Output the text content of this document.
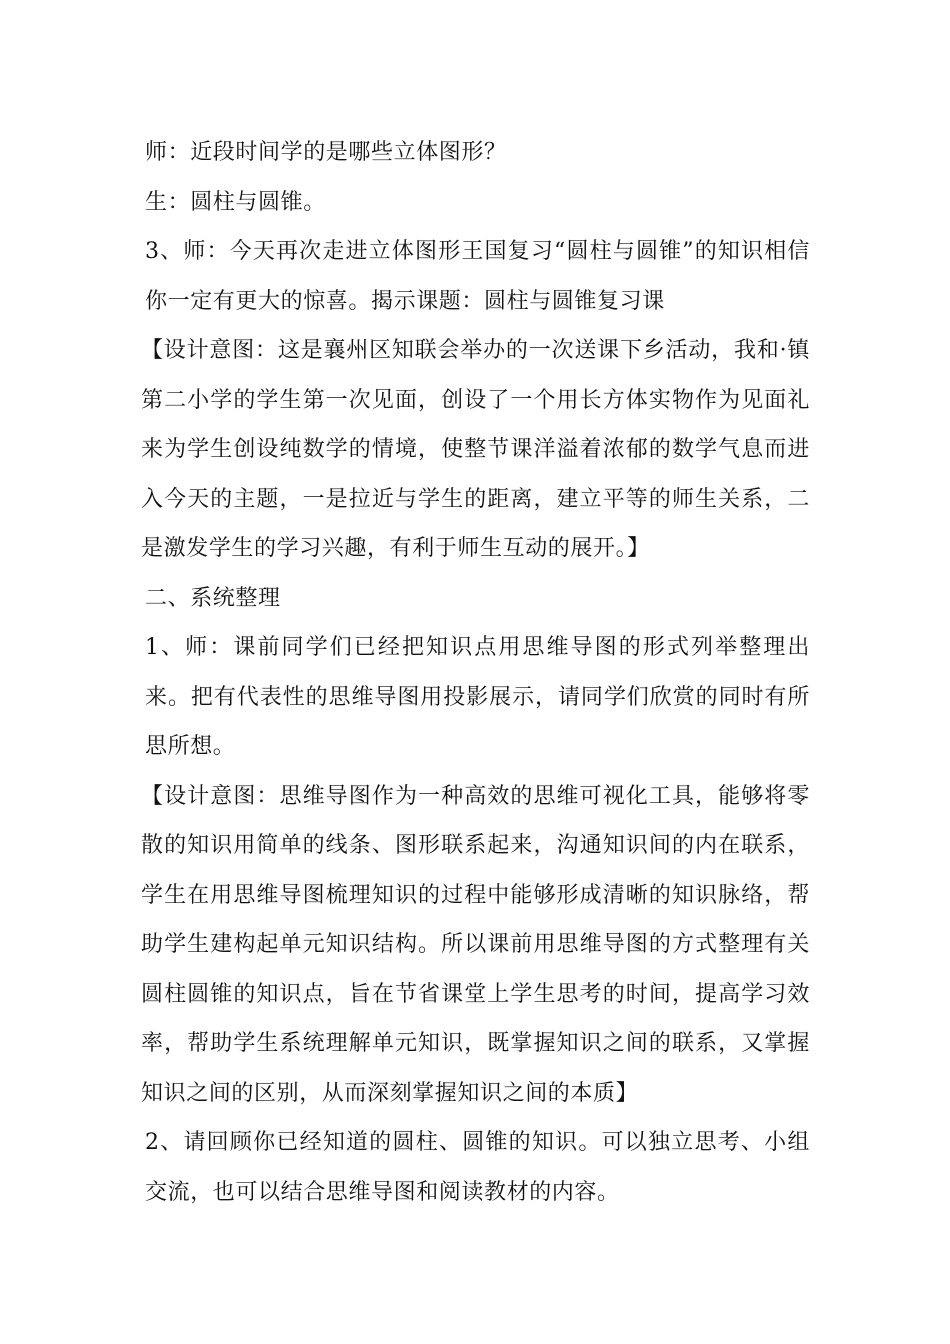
师：近段时间学的是哪些立体图形？

生：圆柱与圆锥。

3、师：今天再次走进立体图形王国复习“圆柱与圆锥”的知识相信你一定有更大的惊喜。揭示课题：圆柱与圆锥复习课

【设计意图：这是襄州区知联会举办的一次送课下乡活动，我和·镇第二小学的学生第一次见面，创设了一个用长方体实物作为见面礼来为学生创设纯数学的情境，使整节课洋溢着浓郁的数学气息而进入今天的主题，一是拉近与学生的距离，建立平等的师生关系，二是激发学生的学习兴趣，有利于师生互动的展开。】

二、系统整理

1、师：课前同学们已经把知识点用思维导图的形式列举整理出来。把有代表性的思维导图用投影展示，请同学们欣赏的同时有所思所想。

【设计意图：思维导图作为一种高效的思维可视化工具，能够将零散的知识用简单的线条、图形联系起来，沟通知识间的内在联系，学生在用思维导图梳理知识的过程中能够形成清晰的知识脉络，帮助学生建构起单元知识结构。所以课前用思维导图的方式整理有关圆柱圆锥的知识点，旨在节省课堂上学生思考的时间，提高学习效率，帮助学生系统理解单元知识，既掌握知识之间的联系，又掌握知识之间的区别，从而深刻掌握知识之间的本质】

2、请回顾你已经知道的圆柱、圆锥的知识。可以独立思考、小组交流，也可以结合思维导图和阅读教材的内容。
